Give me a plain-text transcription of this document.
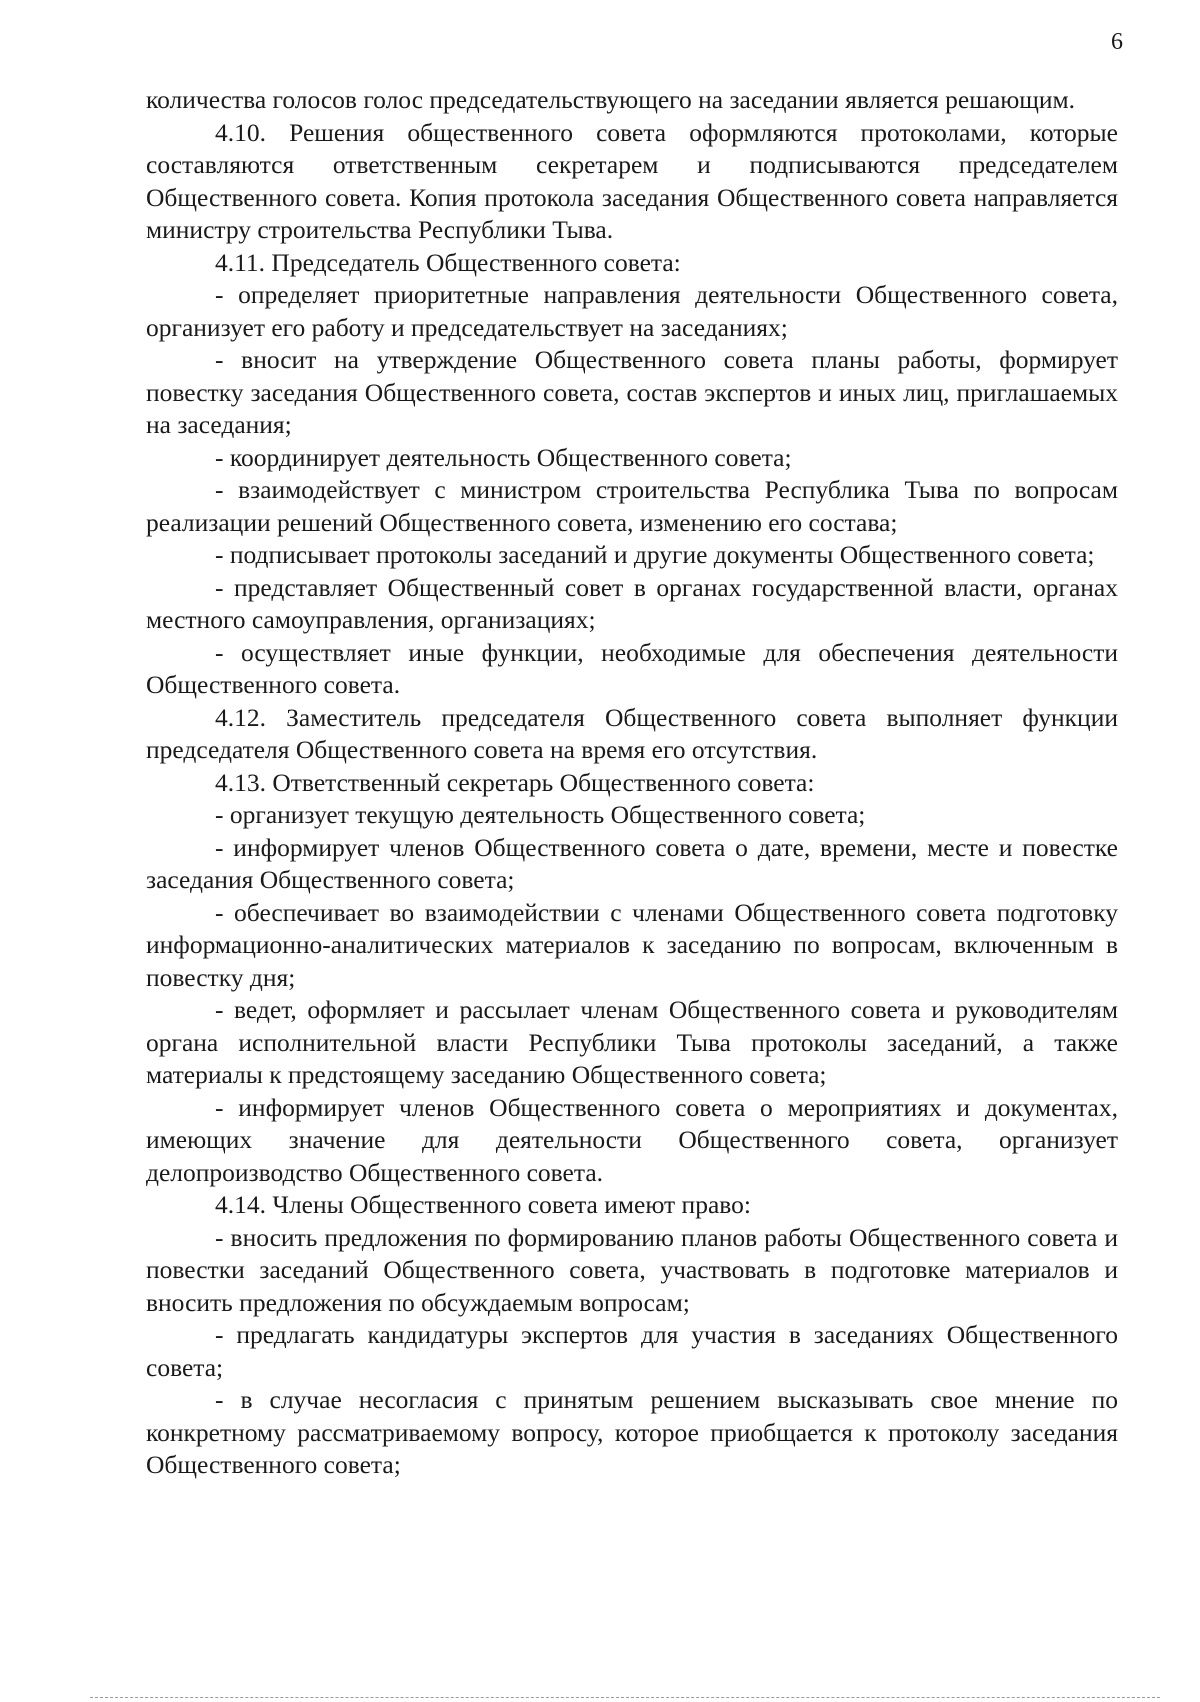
6

количества голосов голос председательствующего на заседании является решающим.

4.10. Решения общественного совета оформляются протоколами, которые составляются ответственным секретарем и подписываются председателем Общественного совета. Копия протокола заседания Общественного совета направляется министру строительства Республики Тыва.

4.11. Председатель Общественного совета:

- определяет приоритетные направления деятельности Общественного совета, организует его работу и председательствует на заседаниях;

- вносит на утверждение Общественного совета планы работы, формирует повестку заседания Общественного совета, состав экспертов и иных лиц, приглашаемых на заседания;

- координирует деятельность Общественного совета;

- взаимодействует с министром строительства Республика Тыва по вопросам реализации решений Общественного совета, изменению его состава;

- подписывает протоколы заседаний и другие документы Общественного совета;

- представляет Общественный совет в органах государственной власти, органах местного самоуправления, организациях;

- осуществляет иные функции, необходимые для обеспечения деятельности Общественного совета.

4.12. Заместитель председателя Общественного совета выполняет функции председателя Общественного совета на время его отсутствия.

4.13. Ответственный секретарь Общественного совета:

- организует текущую деятельность Общественного совета;

- информирует членов Общественного совета о дате, времени, месте и повестке заседания Общественного совета;

- обеспечивает во взаимодействии с членами Общественного совета подготовку информационно-аналитических материалов к заседанию по вопросам, включенным в повестку дня;

- ведет, оформляет и рассылает членам Общественного совета и руководителям органа исполнительной власти Республики Тыва протоколы заседаний, а также материалы к предстоящему заседанию Общественного совета;

- информирует членов Общественного совета о мероприятиях и документах, имеющих значение для деятельности Общественного совета, организует делопроизводство Общественного совета.

4.14. Члены Общественного совета имеют право:

- вносить предложения по формированию планов работы Общественного совета и повестки заседаний Общественного совета, участвовать в подготовке материалов и вносить предложения по обсуждаемым вопросам;

- предлагать кандидатуры экспертов для участия в заседаниях Общественного совета;

- в случае несогласия с принятым решением высказывать свое мнение по конкретному рассматриваемому вопросу, которое приобщается к протоколу заседания Общественного совета;
